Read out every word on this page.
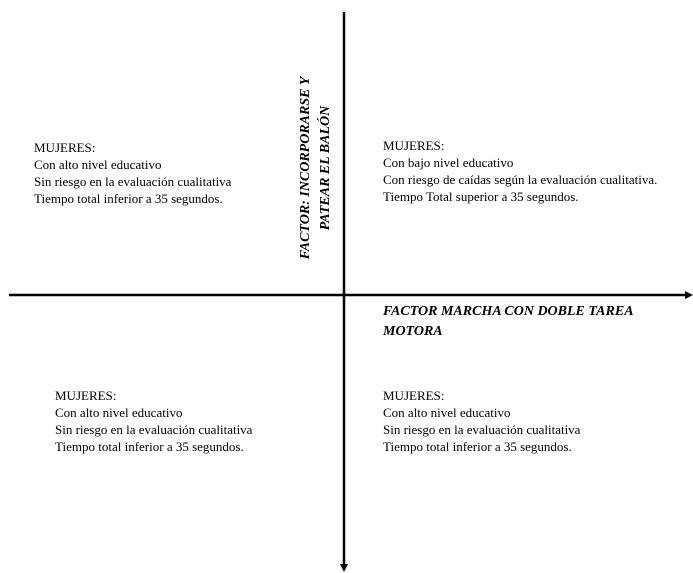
FACTOR: INCORPORARSE Y PATEAR EL BALÓN
FACTOR MARCHA CON DOBLE TAREA MOTORA
MUJERES:
Con alto nivel educativo
Sin riesgo en la evaluación cualitativa
Tiempo total inferior a 35 segundos.
MUJERES:
Con bajo nivel educativo
Con riesgo de caídas según la evaluación cualitativa.
Tiempo Total superior a 35 segundos.
MUJERES:
Con alto nivel educativo
Sin riesgo en la evaluación cualitativa
Tiempo total inferior a 35 segundos.
MUJERES:
Con alto nivel educativo
Sin riesgo en la evaluación cualitativa
Tiempo total inferior a 35 segundos.
